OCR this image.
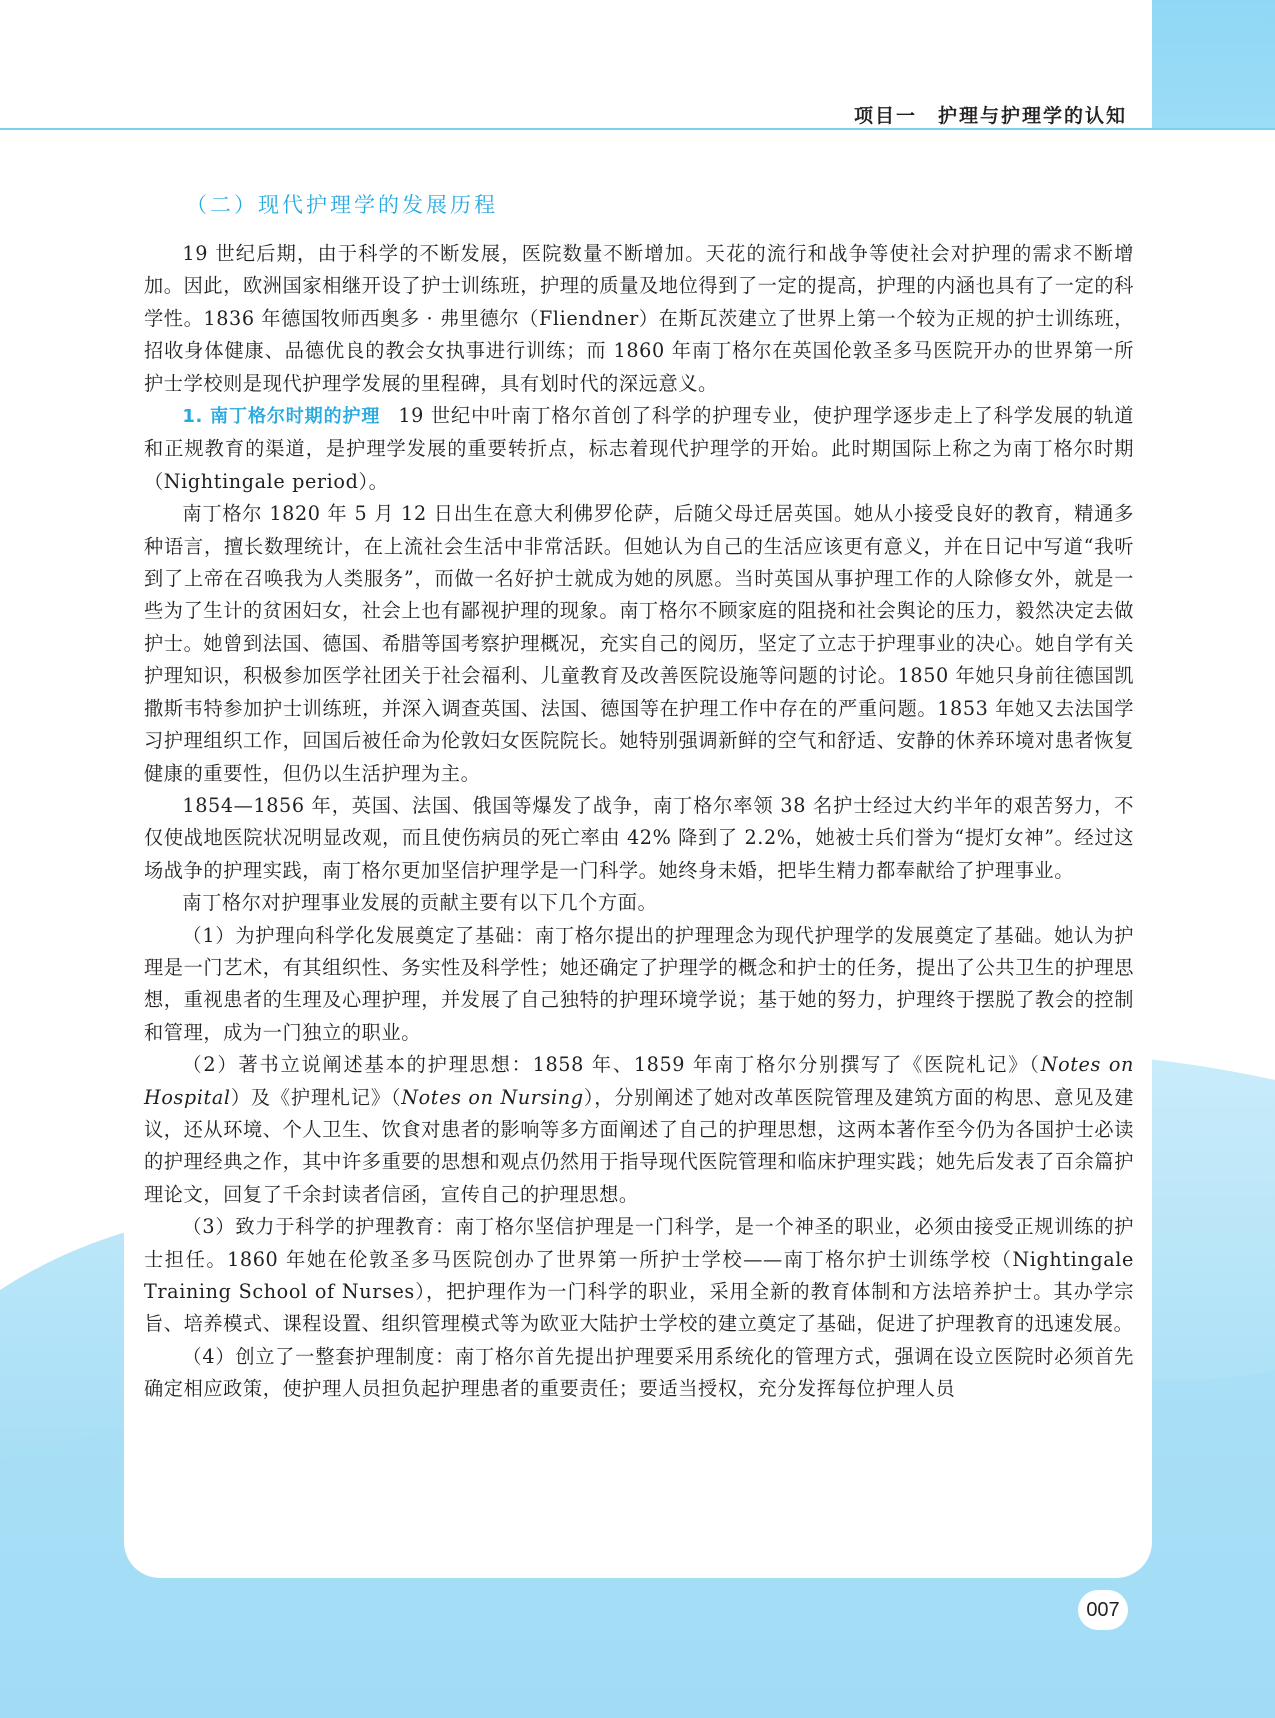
项目一　护理与护理学的认知
（二）现代护理学的发展历程

19 世纪后期，由于科学的不断发展，医院数量不断增加。天花的流行和战争等使社会对护理的需求不断增加。因此，欧洲国家相继开设了护士训练班，护理的质量及地位得到了一定的提高，护理的内涵也具有了一定的科学性。1836 年德国牧师西奥多 · 弗里德尔（Fliendner）在斯瓦茨建立了世界上第一个较为正规的护士训练班，招收身体健康、品德优良的教会女执事进行训练；而 1860 年南丁格尔在英国伦敦圣多马医院开办的世界第一所护士学校则是现代护理学发展的里程碑，具有划时代的深远意义。

1. 南丁格尔时期的护理 19 世纪中叶南丁格尔首创了科学的护理专业，使护理学逐步走上了科学发展的轨道和正规教育的渠道，是护理学发展的重要转折点，标志着现代护理学的开始。此时期国际上称之为南丁格尔时期（Nightingale period）。

南丁格尔 1820 年 5 月 12 日出生在意大利佛罗伦萨，后随父母迁居英国。她从小接受良好的教育，精通多种语言，擅长数理统计，在上流社会生活中非常活跃。但她认为自己的生活应该更有意义，并在日记中写道“我听到了上帝在召唤我为人类服务”，而做一名好护士就成为她的夙愿。当时英国从事护理工作的人除修女外，就是一些为了生计的贫困妇女，社会上也有鄙视护理的现象。南丁格尔不顾家庭的阻挠和社会舆论的压力，毅然决定去做护士。她曾到法国、德国、希腊等国考察护理概况，充实自己的阅历，坚定了立志于护理事业的决心。她自学有关护理知识，积极参加医学社团关于社会福利、儿童教育及改善医院设施等问题的讨论。1850 年她只身前往德国凯撒斯韦特参加护士训练班，并深入调查英国、法国、德国等在护理工作中存在的严重问题。1853 年她又去法国学习护理组织工作，回国后被任命为伦敦妇女医院院长。她特别强调新鲜的空气和舒适、安静的休养环境对患者恢复健康的重要性，但仍以生活护理为主。

1854—1856 年，英国、法国、俄国等爆发了战争，南丁格尔率领 38 名护士经过大约半年的艰苦努力，不仅使战地医院状况明显改观，而且使伤病员的死亡率由 42% 降到了 2.2%，她被士兵们誉为“提灯女神”。经过这场战争的护理实践，南丁格尔更加坚信护理学是一门科学。她终身未婚，把毕生精力都奉献给了护理事业。

南丁格尔对护理事业发展的贡献主要有以下几个方面。

（1）为护理向科学化发展奠定了基础：南丁格尔提出的护理理念为现代护理学的发展奠定了基础。她认为护理是一门艺术，有其组织性、务实性及科学性；她还确定了护理学的概念和护士的任务，提出了公共卫生的护理思想，重视患者的生理及心理护理，并发展了自己独特的护理环境学说；基于她的努力，护理终于摆脱了教会的控制和管理，成为一门独立的职业。

（2）著书立说阐述基本的护理思想：1858 年、1859 年南丁格尔分别撰写了《医院札记》（Notes on Hospital）及《护理札记》（Notes on Nursing），分别阐述了她对改革医院管理及建筑方面的构思、意见及建议，还从环境、个人卫生、饮食对患者的影响等多方面阐述了自己的护理思想，这两本著作至今仍为各国护士必读的护理经典之作，其中许多重要的思想和观点仍然用于指导现代医院管理和临床护理实践；她先后发表了百余篇护理论文，回复了千余封读者信函，宣传自己的护理思想。

（3）致力于科学的护理教育：南丁格尔坚信护理是一门科学，是一个神圣的职业，必须由接受正规训练的护士担任。1860 年她在伦敦圣多马医院创办了世界第一所护士学校——南丁格尔护士训练学校（Nightingale Training School of Nurses），把护理作为一门科学的职业，采用全新的教育体制和方法培养护士。其办学宗旨、培养模式、课程设置、组织管理模式等为欧亚大陆护士学校的建立奠定了基础，促进了护理教育的迅速发展。

（4）创立了一整套护理制度：南丁格尔首先提出护理要采用系统化的管理方式，强调在设立医院时必须首先确定相应政策，使护理人员担负起护理患者的重要责任；要适当授权，充分发挥每位护理人员

007
